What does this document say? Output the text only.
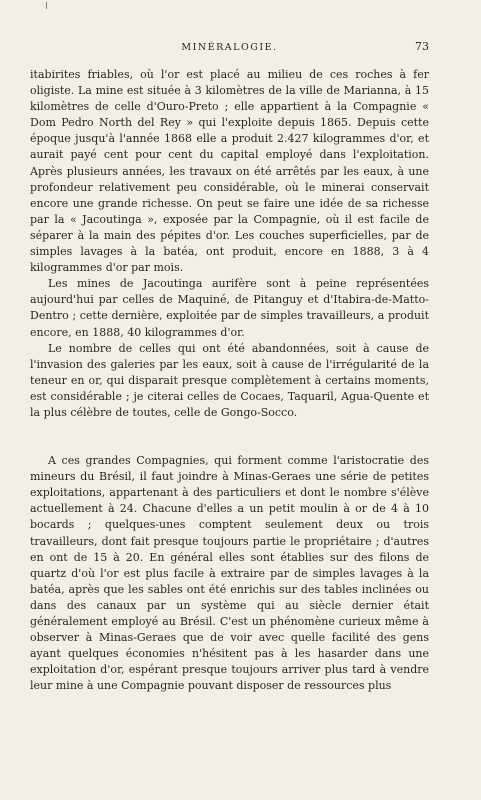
MINÉRALOGIE.	73

itabirites friables, où l'or est placé au milieu de ces roches à fer oligiste. La mine est située à 3 kilomètres de la ville de Marianna, à 15 kilomètres de celle d'Ouro-Preto ; elle appartient à la Compagnie « Dom Pedro North del Rey » qui l'exploite depuis 1865. Depuis cette époque jusqu'à l'année 1868 elle a produit 2.427 kilogrammes d'or, et aurait payé cent pour cent du capital employé dans l'exploitation. Après plusieurs années, les travaux on été arrêtés par les eaux, à une profondeur relativement peu considérable, où le minerai conservait encore une grande richesse. On peut se faire une idée de sa richesse par la « Jacoutinga », exposée par la Compagnie, où il est facile de séparer à la main des pépites d'or. Les couches superficielles, par de simples lavages à la batéa, ont produit, encore en 1888, 3 à 4 kilogrammes d'or par mois.

Les mines de Jacoutinga aurifère sont à peine représentées aujourd'hui par celles de Maquiné, de Pitanguy et d'Itabira-de-Matto-Dentro ; cette dernière, exploitée par de simples travailleurs, a produit encore, en 1888, 40 kilogrammes d'or.

Le nombre de celles qui ont été abandonnées, soit à cause de l'invasion des galeries par les eaux, soit à cause de l'irrégularité de la teneur en or, qui disparait presque complètement à certains moments, est considérable ; je citerai celles de Cocaes, Taquaril, Agua-Quente et la plus célèbre de toutes, celle de Gongo-Socco.

A ces grandes Compagnies, qui forment comme l'aristocratie des mineurs du Brésil, il faut joindre à Minas-Geraes une série de petites exploitations, appartenant à des particuliers et dont le nombre s'élève actuellement à 24. Chacune d'elles a un petit moulin à or de 4 à 10 bocards ; quelques-unes comptent seulement deux ou trois travailleurs, dont fait presque toujours partie le propriétaire ; d'autres en ont de 15 à 20. En général elles sont établies sur des filons de quartz d'où l'or est plus facile à extraire par de simples lavages à la batéa, après que les sables ont été enrichis sur des tables inclinées ou dans des canaux par un système qui au siècle dernier était généralement employé au Brésil. C'est un phénomène curieux même à observer à Minas-Geraes que de voir avec quelle facilité des gens ayant quelques économies n'hésitent pas à les hasarder dans une exploitation d'or, espérant presque toujours arriver plus tard à vendre leur mine à une Compagnie pouvant disposer de ressources plus
